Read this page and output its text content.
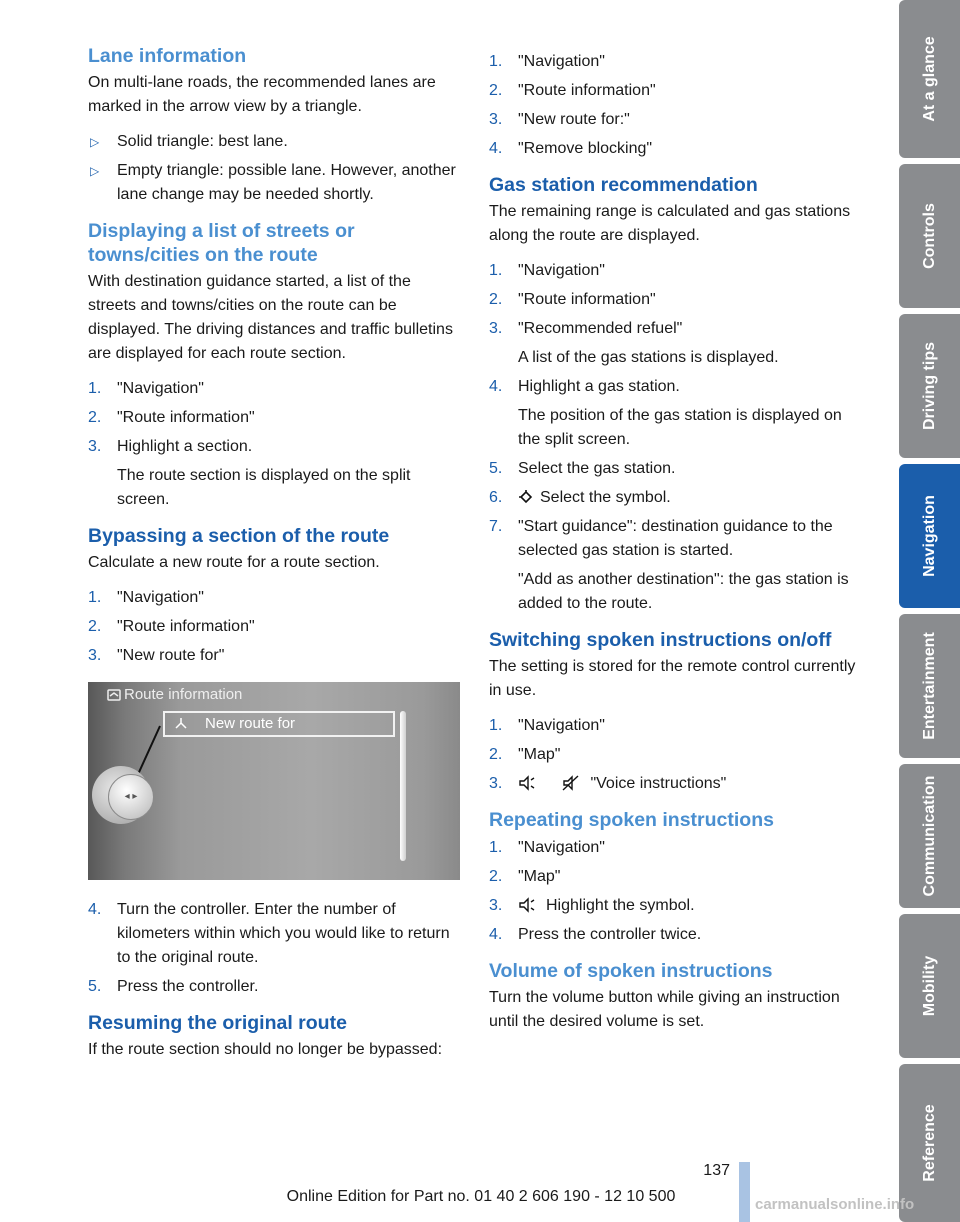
Lane information

On multi-lane roads, the recommended lanes are marked in the arrow view by a triangle.

▷ Solid triangle: best lane.
▷ Empty triangle: possible lane. However, another lane change may be needed shortly.
Displaying a list of streets or towns/cities on the route

With destination guidance started, a list of the streets and towns/cities on the route can be displayed. The driving distances and traffic bulletins are displayed for each route section.

1. "Navigation"
2. "Route information"
3. Highlight a section.
The route section is displayed on the split screen.
Bypassing a section of the route

Calculate a new route for a route section.

1. "Navigation"
2. "Route information"
3. "New route for"
Route information
New route for
◂ ▸
4. Turn the controller. Enter the number of kilometers within which you would like to return to the original route.
5. Press the controller.
Resuming the original route

If the route section should no longer be bypassed:

1. "Navigation"
2. "Route information"
3. "New route for:"
4. "Remove blocking"
Gas station recommendation

The remaining range is calculated and gas stations along the route are displayed.

1. "Navigation"
2. "Route information"
3. "Recommended refuel"
A list of the gas stations is displayed.
4. Highlight a gas station.
The position of the gas station is displayed on the split screen.
5. Select the gas station.
6. Select the symbol.
7. "Start guidance": destination guidance to the selected gas station is started.
"Add as another destination": the gas station is added to the route.
Switching spoken instructions on/off

The setting is stored for the remote control currently in use.

1. "Navigation"
2. "Map"
3.	"Voice instructions"
Repeating spoken instructions
1. "Navigation"
2. "Map"
3.	Highlight the symbol.
4. Press the controller twice.
Volume of spoken instructions

Turn the volume button while giving an instruction until the desired volume is set.

At a glance
Controls
Driving tips
Navigation
Entertainment
Communication
Mobility
Reference
137
Online Edition for Part no. 01 40 2 606 190 - 12 10 500	carmanualsonline.info
